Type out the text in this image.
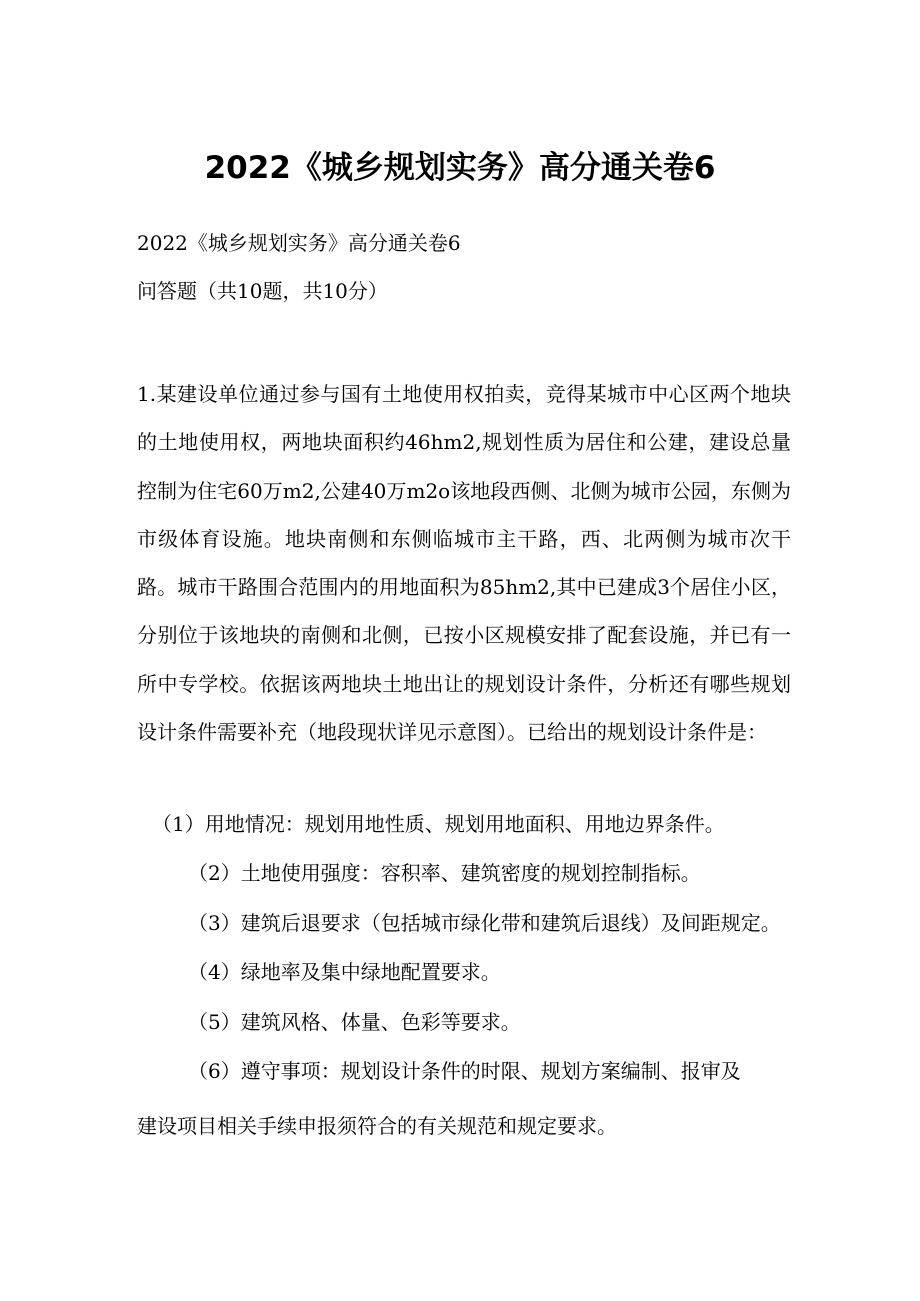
2022《城乡规划实务》高分通关卷6
2022《城乡规划实务》高分通关卷6
问答题（共10题，共10分）

1.某建设单位通过参与国有土地使用权拍卖，竞得某城市中心区两个地块的土地使用权，两地块面积约46hm2,规划性质为居住和公建，建设总量控制为住宅60万m2,公建40万m2o该地段西侧、北侧为城市公园，东侧为市级体育设施。地块南侧和东侧临城市主干路，西、北两侧为城市次干路。城市干路围合范围内的用地面积为85hm2,其中已建成3个居住小区，分别位于该地块的南侧和北侧，已按小区规模安排了配套设施，并已有一所中专学校。依据该两地块土地出让的规划设计条件，分析还有哪些规划设计条件需要补充（地段现状详见示意图）。已给出的规划设计条件是：

（1）用地情况：规划用地性质、规划用地面积、用地边界条件。
（2）土地使用强度：容积率、建筑密度的规划控制指标。
（3）建筑后退要求（包括城市绿化带和建筑后退线）及间距规定。
（4）绿地率及集中绿地配置要求。
（5）建筑风格、体量、色彩等要求。
（6）遵守事项：规划设计条件的时限、规划方案编制、报审及
建设项目相关手续申报须符合的有关规范和规定要求。
